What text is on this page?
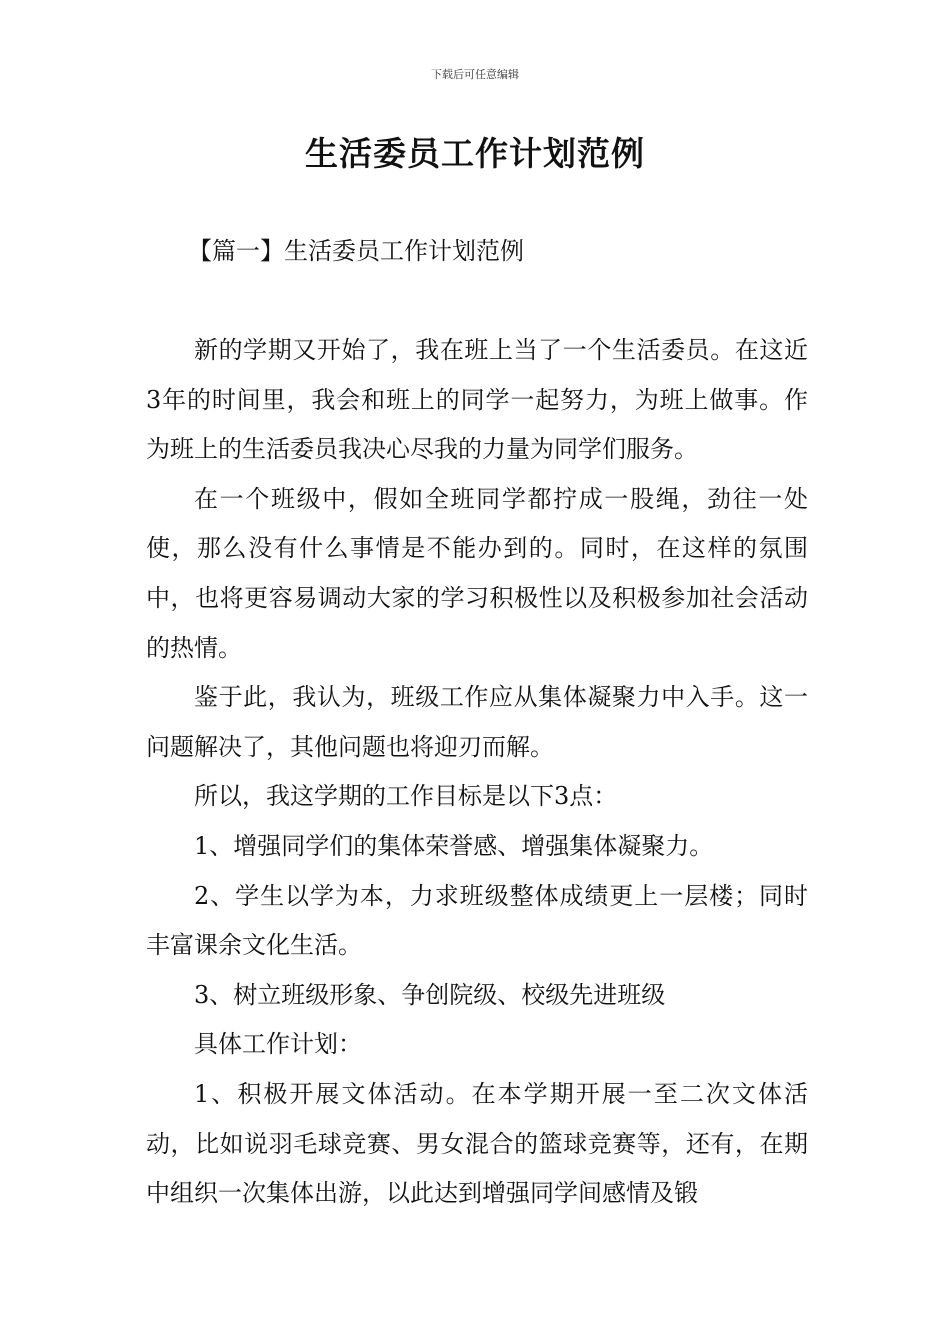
下载后可任意编辑
生活委员工作计划范例
【篇一】生活委员工作计划范例

新的学期又开始了，我在班上当了一个生活委员。在这近3年的时间里，我会和班上的同学一起努力，为班上做事。作为班上的生活委员我决心尽我的力量为同学们服务。

在一个班级中，假如全班同学都拧成一股绳，劲往一处使，那么没有什么事情是不能办到的。同时，在这样的氛围中，也将更容易调动大家的学习积极性以及积极参加社会活动的热情。

鉴于此，我认为，班级工作应从集体凝聚力中入手。这一问题解决了，其他问题也将迎刃而解。

所以，我这学期的工作目标是以下3点：

1、增强同学们的集体荣誉感、增强集体凝聚力。

2、学生以学为本，力求班级整体成绩更上一层楼；同时丰富课余文化生活。

3、树立班级形象、争创院级、校级先进班级

具体工作计划：

1、积极开展文体活动。在本学期开展一至二次文体活动，比如说羽毛球竞赛、男女混合的篮球竞赛等，还有，在期中组织一次集体出游，以此达到增强同学间感情及锻
